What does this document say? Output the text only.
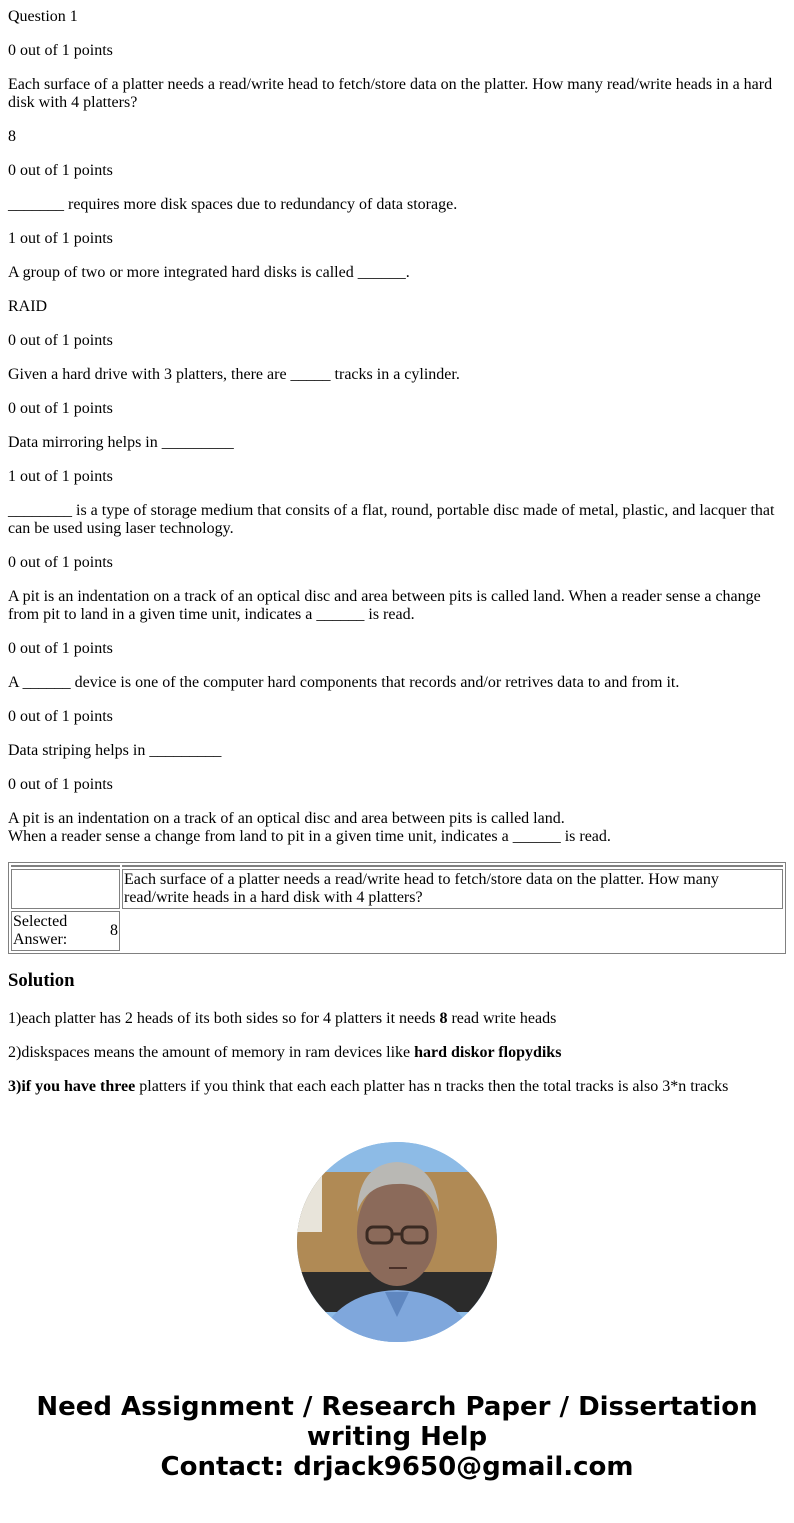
Question 1

0 out of 1 points

Each surface of a platter needs a read/write head to fetch/store data on the platter. How many read/write heads in a hard disk with 4 platters?

8

0 out of 1 points

_______ requires more disk spaces due to redundancy of data storage.

1 out of 1 points

A group of two or more integrated hard disks is called ______.

RAID

0 out of 1 points

Given a hard drive with 3 platters, there are _____ tracks in a cylinder.

0 out of 1 points

Data mirroring helps in _________

1 out of 1 points

________ is a type of storage medium that consits of a flat, round, portable disc made of metal, plastic, and lacquer that can be used using laser technology.

0 out of 1 points

A pit is an indentation on a track of an optical disc and area between pits is called land. When a reader sense a change from pit to land in a given time unit, indicates a ______ is read.

0 out of 1 points

A ______ device is one of the computer hard components that records and/or retrives data to and from it.

0 out of 1 points

Data striping helps in _________

0 out of 1 points

A pit is an indentation on a track of an optical disc and area between pits is called land.
When a reader sense a change from land to pit in a given time unit, indicates a ______ is read.

	Each surface of a platter needs a read/write head to fetch/store data on the platter. How many read/write heads in a hard disk with 4 platters?

Selected Answer:
8	

Solution

1)each platter has 2 heads of its both sides so for 4 platters it needs 8 read write heads

2)diskspaces means the amount of memory in ram devices like hard diskor flopydiks

3)if you have three platters if you think that each each platter has n tracks then the total tracks is also 3*n tracks

Need Assignment / Research Paper / Dissertation
writing Help
Contact: drjack9650@gmail.com
